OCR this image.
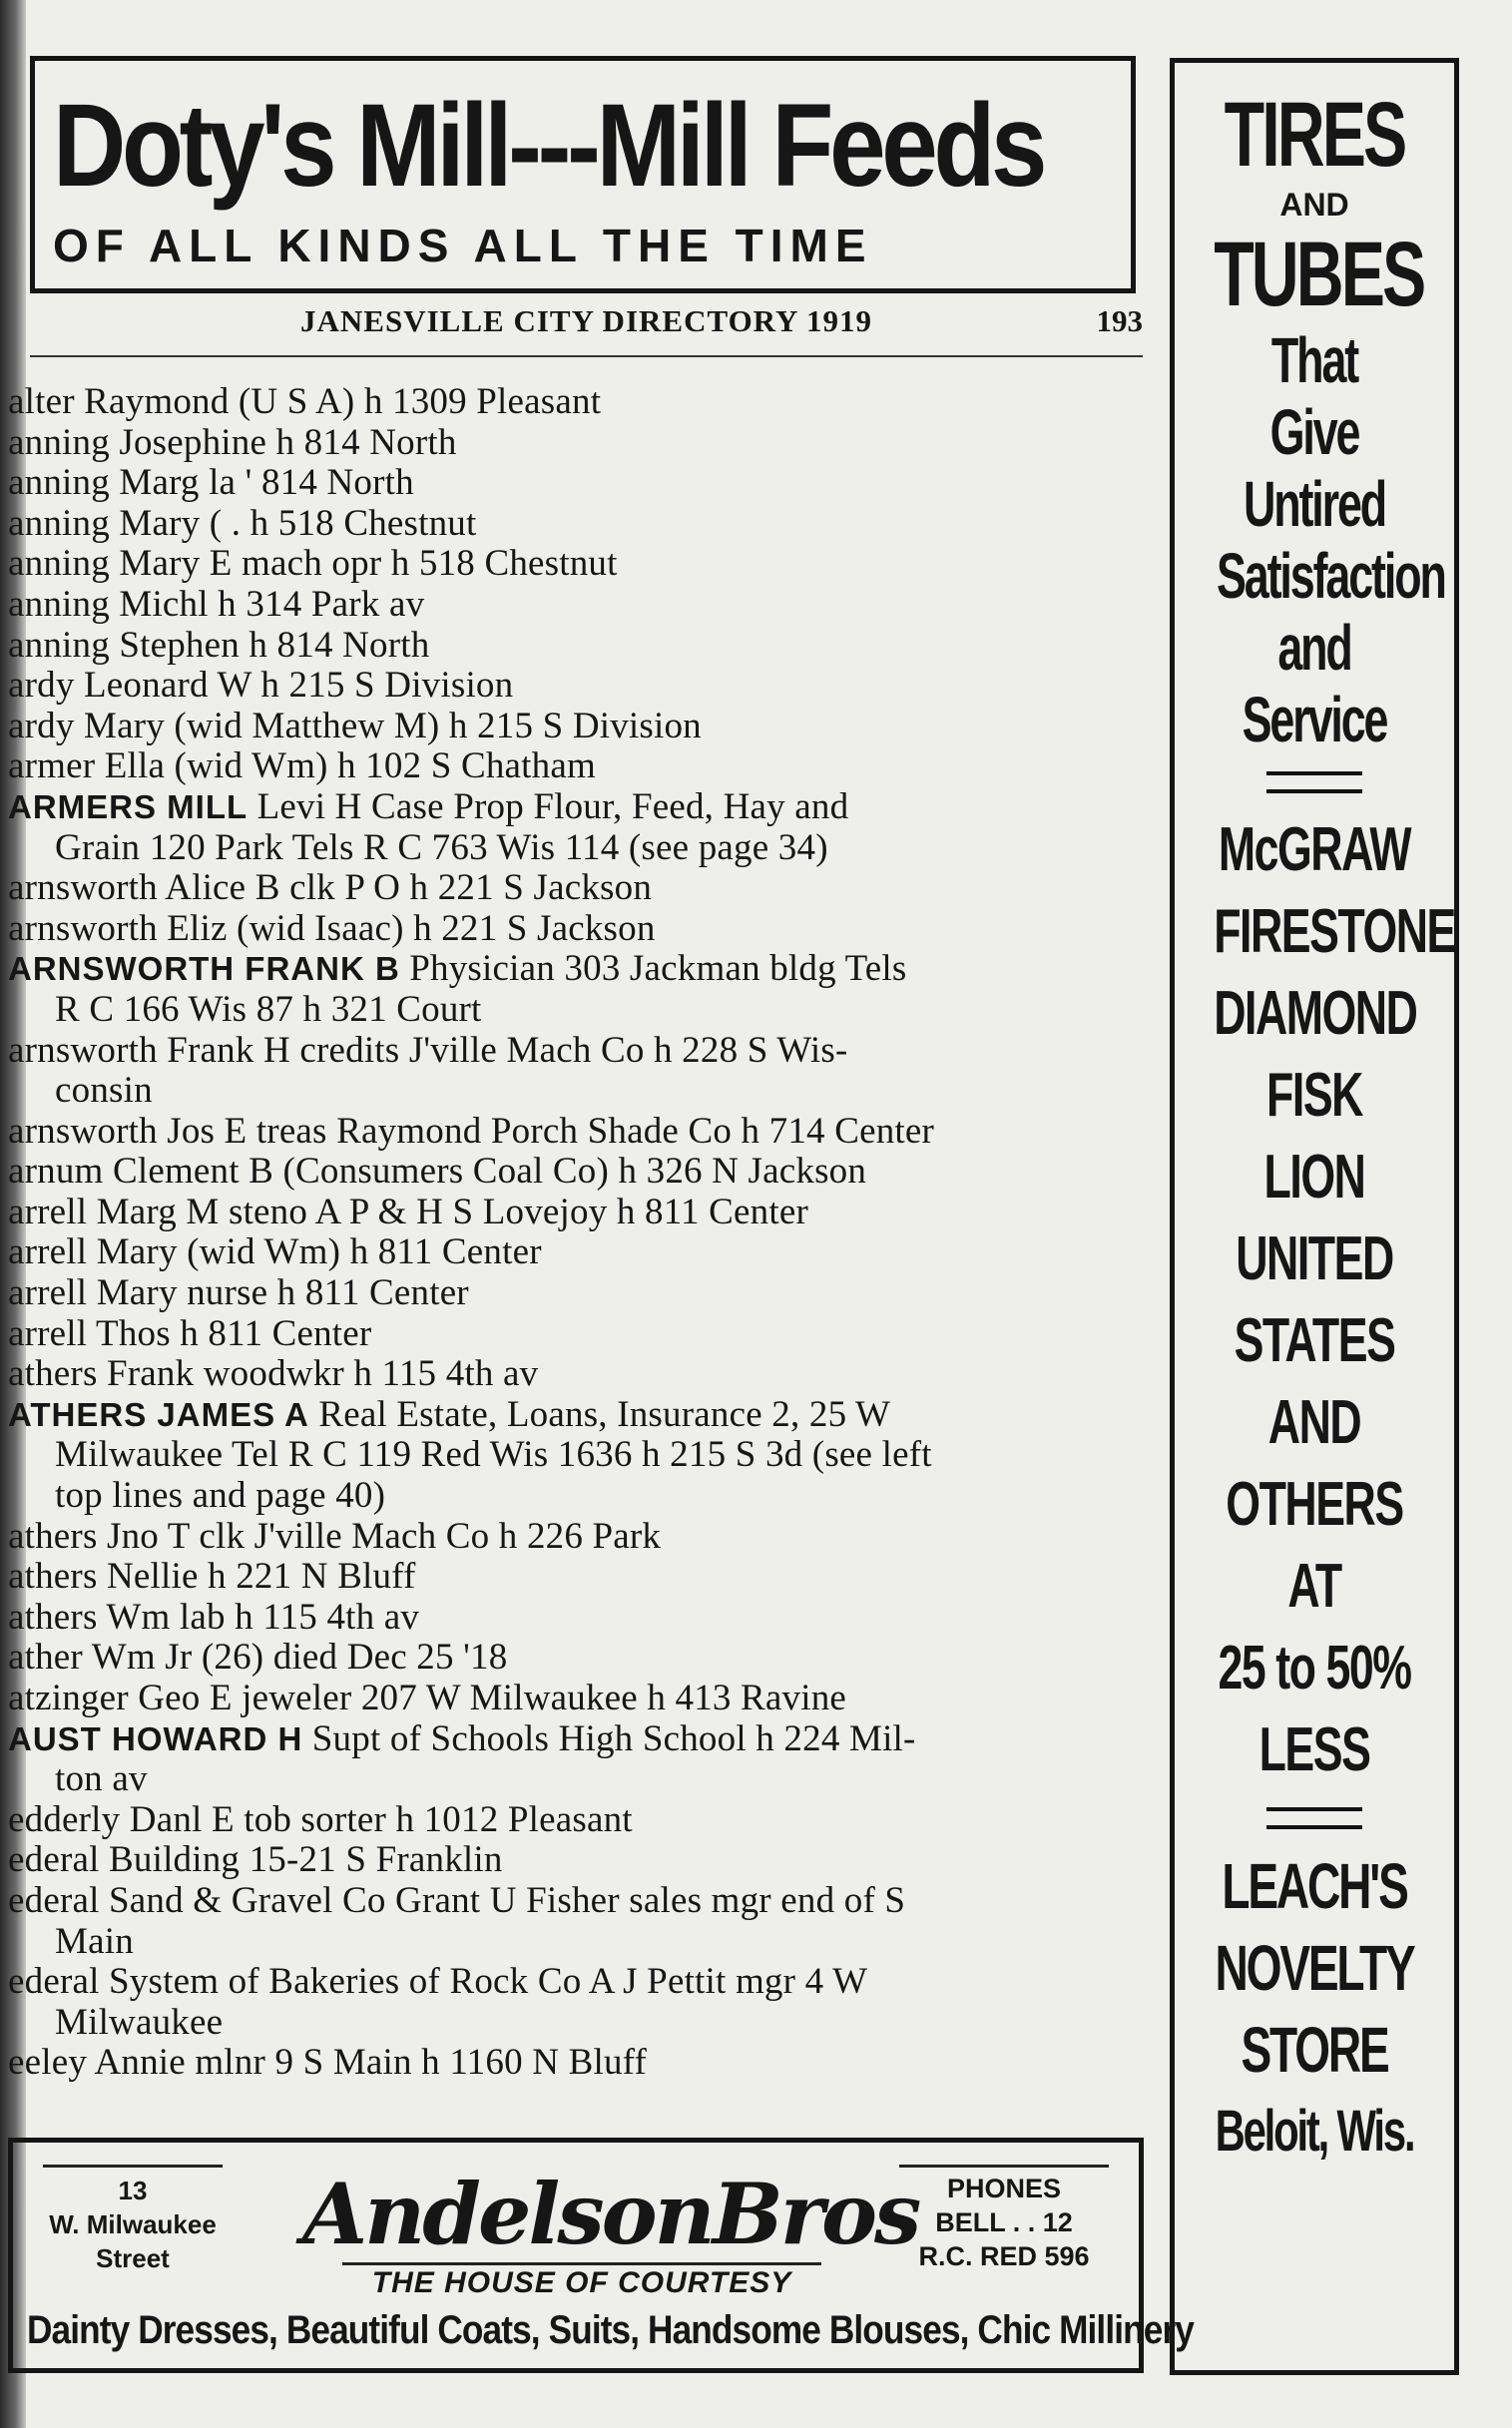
Doty's Mill---Mill Feeds
OF ALL KINDS ALL THE TIME
JANESVILLE CITY DIRECTORY 1919	193
alter Raymond (U S A) h 1309 Pleasant
anning Josephine h 814 North
anning Marg la ' 814 North
anning Mary ( . h 518 Chestnut
anning Mary E mach opr h 518 Chestnut
anning Michl h 314 Park av
anning Stephen h 814 North
ardy Leonard W h 215 S Division
ardy Mary (wid Matthew M) h 215 S Division
armer Ella (wid Wm) h 102 S Chatham
ARMERS MILL Levi H Case Prop Flour, Feed, Hay and
Grain 120 Park Tels R C 763 Wis 114 (see page 34)
arnsworth Alice B clk P O h 221 S Jackson
arnsworth Eliz (wid Isaac) h 221 S Jackson
ARNSWORTH FRANK B Physician 303 Jackman bldg Tels
R C 166 Wis 87 h 321 Court
arnsworth Frank H credits J'ville Mach Co h 228 S Wis-
consin
arnsworth Jos E treas Raymond Porch Shade Co h 714 Center
arnum Clement B (Consumers Coal Co) h 326 N Jackson
arrell Marg M steno A P & H S Lovejoy h 811 Center
arrell Mary (wid Wm) h 811 Center
arrell Mary nurse h 811 Center
arrell Thos h 811 Center
athers Frank woodwkr h 115 4th av
ATHERS JAMES A Real Estate, Loans, Insurance 2, 25 W
Milwaukee Tel R C 119 Red Wis 1636 h 215 S 3d (see left
top lines and page 40)
athers Jno T clk J'ville Mach Co h 226 Park
athers Nellie h 221 N Bluff
athers Wm lab h 115 4th av
ather Wm Jr (26) died Dec 25 '18
atzinger Geo E jeweler 207 W Milwaukee h 413 Ravine
AUST HOWARD H Supt of Schools High School h 224 Mil-
ton av
edderly Danl E tob sorter h 1012 Pleasant
ederal Building 15-21 S Franklin
ederal Sand & Gravel Co Grant U Fisher sales mgr end of S
Main
ederal System of Bakeries of Rock Co A J Pettit mgr 4 W
Milwaukee
eeley Annie mlnr 9 S Main h 1160 N Bluff
13
W. Milwaukee
Street	AndelsonBros
THE HOUSE OF COURTESY
PHONES
BELL . . 12
R.C. RED 596
Dainty Dresses, Beautiful Coats, Suits, Handsome Blouses, Chic Millinery
TIRES
AND
TUBES
That
Give
Untired
Satisfaction
and
Service
McGRAW
FIRESTONE
DIAMOND
FISK
LION
UNITED
STATES
AND
OTHERS
AT
25 to 50%
LESS
LEACH'S
NOVELTY
STORE
Beloit, Wis.
